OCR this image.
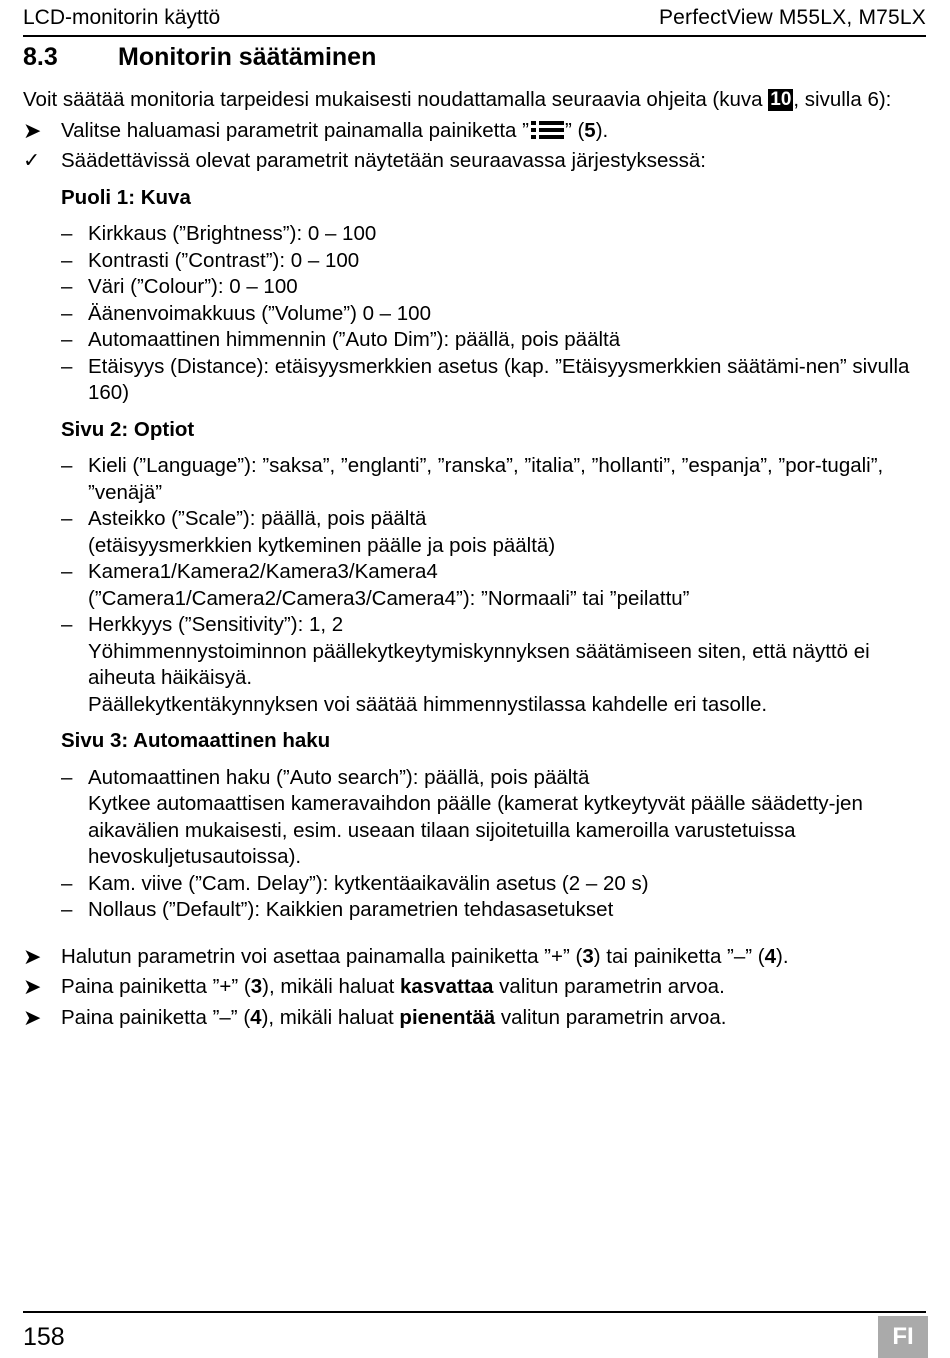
LCD-monitorin käyttö	PerfectView M55LX, M75LX
8.3 Monitorin säätäminen

Voit säätää monitoria tarpeidesi mukaisesti noudattamalla seuraavia ohjeita (kuva 10, sivulla 6):

➤ Valitse haluamasi parametrit painamalla painiketta ” ” (5).
✓	Säädettävissä olevat parametrit näytetään seuraavassa järjestyksessä:
Puoli 1: Kuva
– Kirkkaus (”Brightness”): 0 – 100
– Kontrasti (”Contrast”): 0 – 100
– Väri (”Colour”): 0 – 100
– Äänenvoimakkuus (”Volume”) 0 – 100
– Automaattinen himmennin (”Auto Dim”): päällä, pois päältä
– Etäisyys (Distance): etäisyysmerkkien asetus (kap. ”Etäisyysmerkkien säätämi-nen” sivulla 160)
Sivu 2: Optiot
– Kieli (”Language”): ”saksa”, ”englanti”, ”ranska”, ”italia”, ”hollanti”, ”espanja”, ”por-tugali”, ”venäjä”
– Asteikko (”Scale”): päällä, pois päältä
(etäisyysmerkkien kytkeminen päälle ja pois päältä)
– Kamera1/Kamera2/Kamera3/Kamera4
(”Camera1/Camera2/Camera3/Camera4”): ”Normaali” tai ”peilattu”
– Herkkyys (”Sensitivity”): 1, 2
Yöhimmennystoiminnon päällekytkeytymiskynnyksen säätämiseen siten, että näyttö ei aiheuta häikäisyä.
Päällekytkentäkynnyksen voi säätää himmennystilassa kahdelle eri tasolle.
Sivu 3: Automaattinen haku
– Automaattinen haku (”Auto search”): päällä, pois päältä
Kytkee automaattisen kameravaihdon päälle (kamerat kytkeytyvät päälle säädetty-jen aikavälien mukaisesti, esim. useaan tilaan sijoitetuilla kameroilla varustetuissa hevoskuljetusautoissa).
– Kam. viive (”Cam. Delay”): kytkentäaikavälin asetus (2 – 20 s)
– Nollaus (”Default”): Kaikkien parametrien tehdasasetukset
➤ Halutun parametrin voi asettaa painamalla painiketta ”+” (3) tai painiketta ”–” (4).
➤ Paina painiketta ”+” (3), mikäli haluat kasvattaa valitun parametrin arvoa.
➤ Paina painiketta ”–” (4), mikäli haluat pienentää valitun parametrin arvoa.
158	FI
